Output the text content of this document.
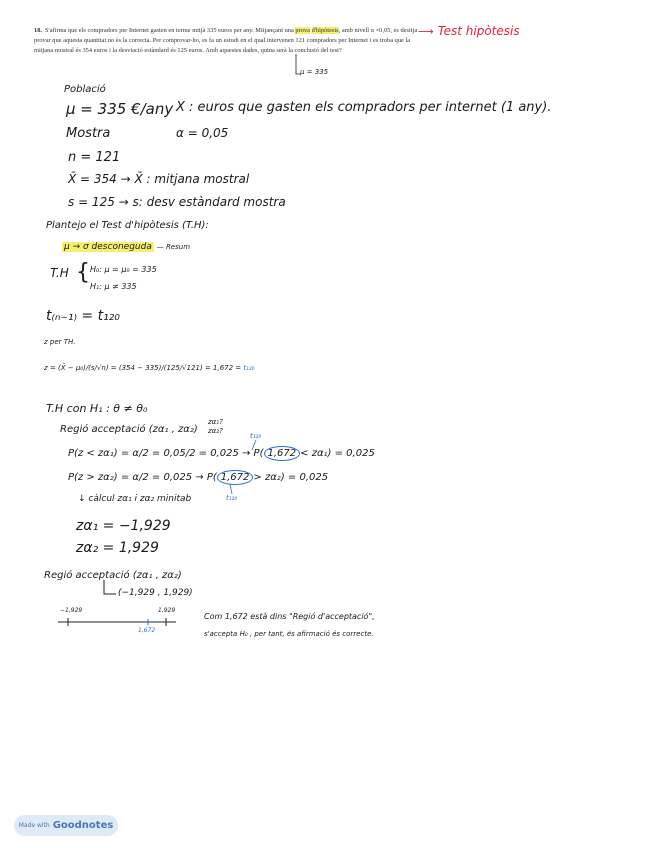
18. S'afirma que els compradors per Internet gasten en terme mitjà 335 euros per any. Mitjançant una prova d'hipòtesis, amb nivell α =0,05, es desitja provar que aquesta quantitat no és la correcta. Per comprovar-ho, es fa un estudi en el qual intervenen 121 compradors per Internet i es troba que la mitjana mostral és 354 euros i la desviació estàndard és 125 euros. Amb aquestes dades, quina serà la conclusió del test?
⟶ Test hipòtesis
μ = 335
Població
μ = 335 €/any X : euros que gasten els compradors per internet (1 any).
Mostra	α = 0,05
n = 121
X̄ = 354 → X̄ : mitjana mostral
s = 125 → s: desv estàndard mostra
Plantejo el Test d'hipòtesis (T.H):
μ → σ desconeguda — Resum
T.H { H₀: μ = μ₀ = 335
H₁: μ ≠ 335
t₍ₙ₋₁₎ = t₁₂₀
z per TH.
z = (X̄ − μ₀)/(s/√n) = (354 − 335)/(125/√121) = 1,672 = t₁₂₀
T.H con H₁ : θ ≠ θ₀
Regió acceptació (zα₁ , zα₂)
zα₁? zα₂?
t₁₂₀
P(z < zα₁) = α/2 = 0,05/2 = 0,025 → P( 1,672 < zα₁) = 0,025
P(z > zα₂) = α/2 = 0,025 → P( 1,672 > zα₂) = 0,025
t₁₂₀
↓ càlcul zα₁ i zα₂ minitab
zα₁ = −1,929
zα₂ = 1,929
Regió acceptació (zα₁ , zα₂)
(−1,929 , 1,929)
−1,929	1,929
1,672
Com 1,672 està dins "Regió d'acceptació",
s'accepta H₀ , per tant, és afirmació és correcte.
Made with Goodnotes
